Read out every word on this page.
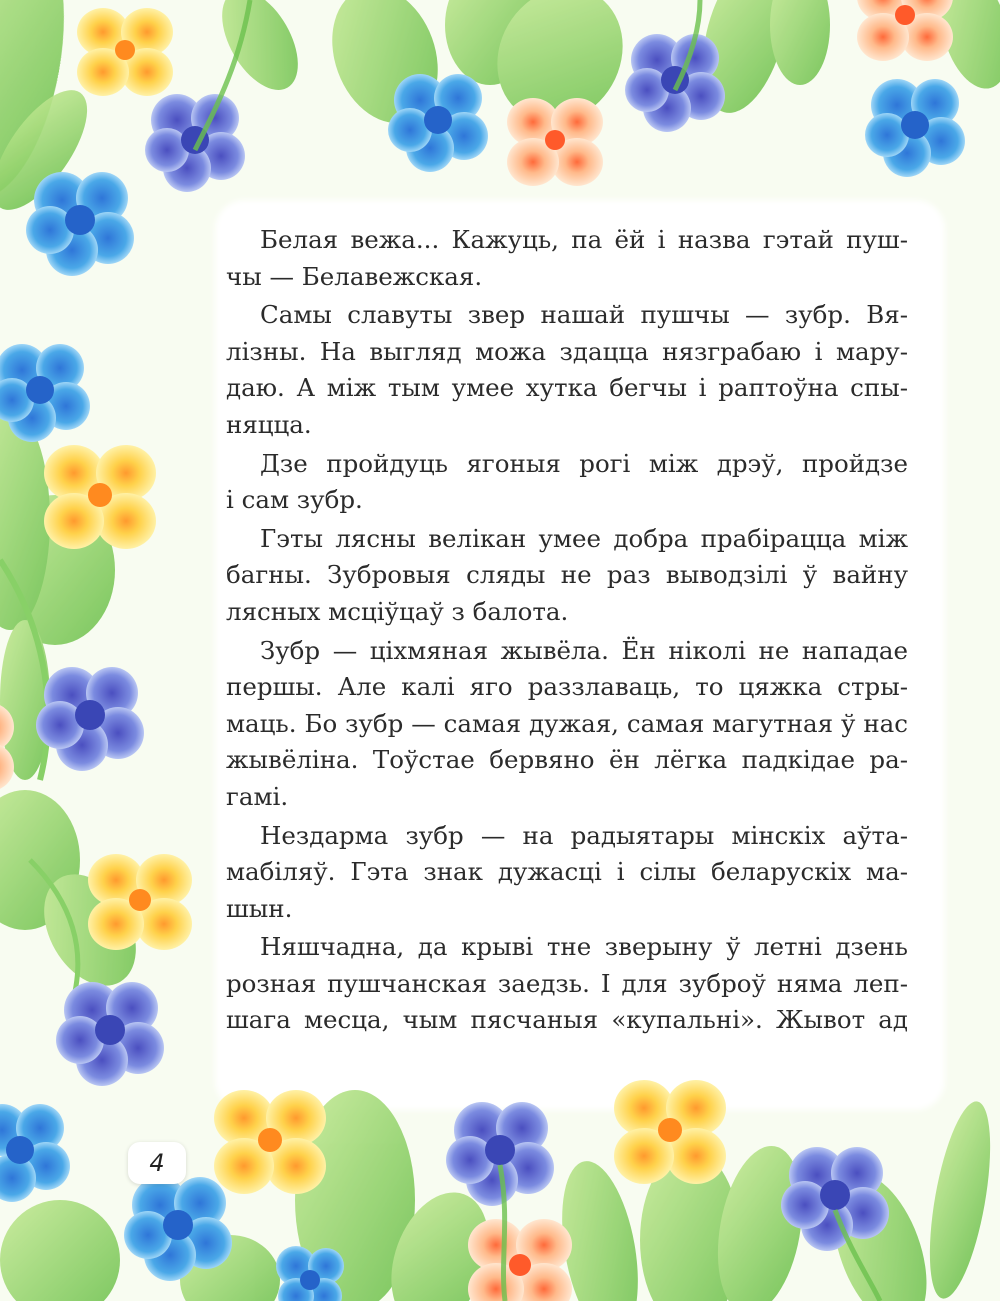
Белая вежа... Кажуць, па ёй і назва гэтай пуш-
чы — Белавежская.

Самы славуты звер нашай пушчы — зубр. Вя-
лізны. На выгляд можа здацца нязграбаю і мару-
даю. А між тым умее хутка бегчы і раптоўна спы-
няцца.

Дзе пройдуць ягоныя рогі між дрэў, пройдзе
і сам зубр.

Гэты лясны велікан умее добра прабірацца між
багны. Зубровыя сляды не раз выводзілі ў вайну
лясных мсціўцаў з балота.

Зубр — ціхмяная жывёла. Ён ніколі не нападае
першы. Але калі яго раззлаваць, то цяжка стры-
маць. Бо зубр — самая дужая, самая магутная ў нас
жывёліна. Тоўстае бервяно ён лёгка падкідае ра-
гамі.

Нездарма зубр — на радыятары мінскіх аўта-
мабіляў. Гэта знак дужасці і сілы беларускіх ма-
шын.

Няшчадна, да крыві тне зверыну ў летні дзень
розная пушчанская заедзь. І для зуброў няма леп-
шага месца, чым пясчаныя «купальні». Жывот ад

4
